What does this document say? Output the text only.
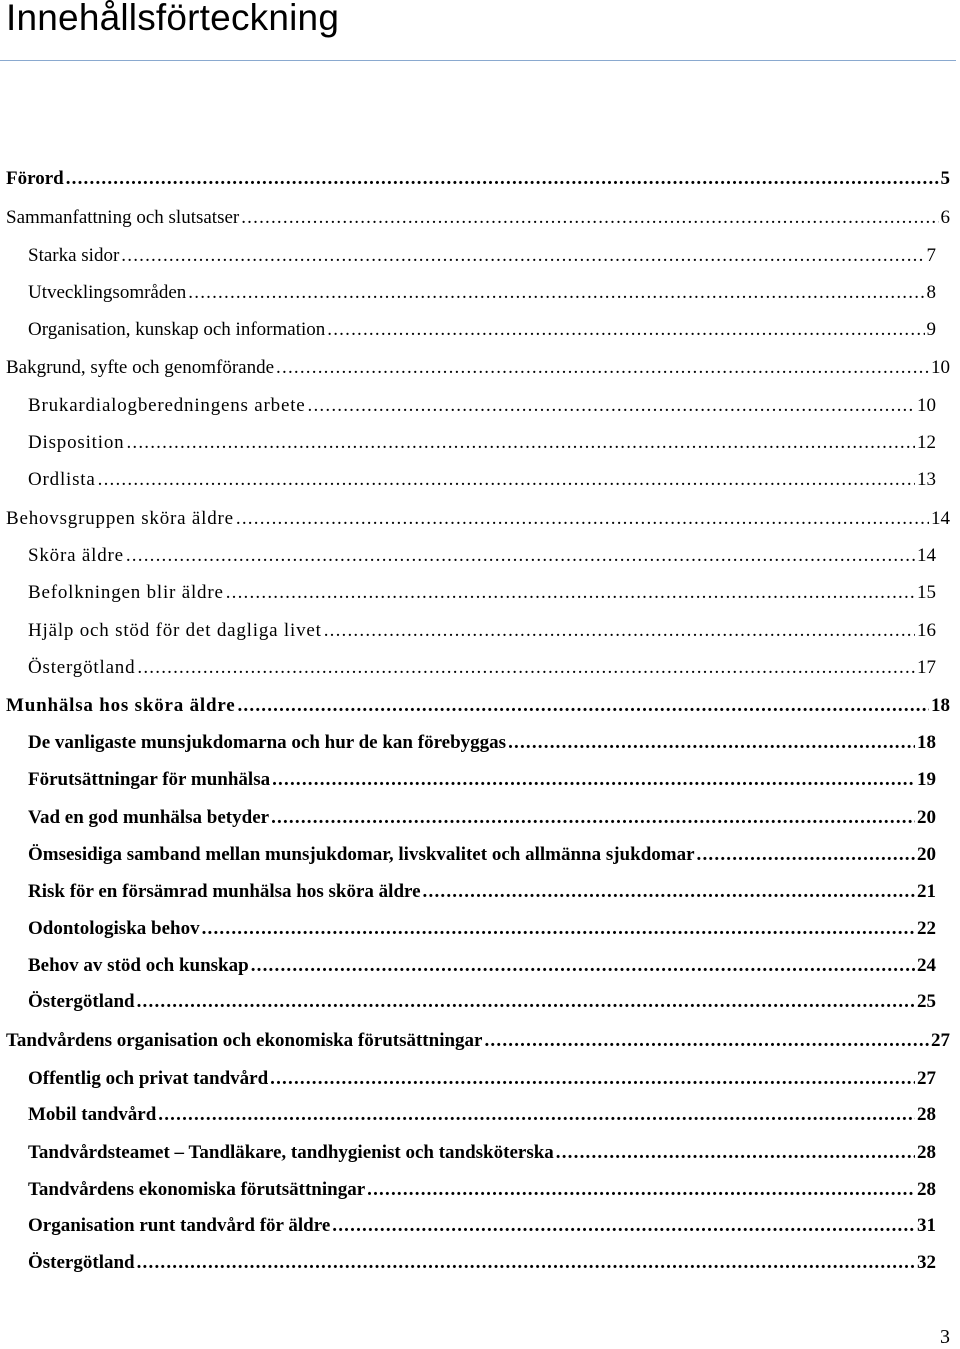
Innehållsförteckning
Förord .....	5
Sammanfattning och slutsatser .....	6
Starka sidor .....	7
Utvecklingsområden .....	8
Organisation, kunskap och information .....	9
Bakgrund, syfte och genomförande .....	10
Brukardialogberedningens arbete .....	10
Disposition .....	12
Ordlista .....	13
Behovsgruppen sköra äldre .....	14
Sköra äldre .....	14
Befolkningen blir äldre .....	15
Hjälp och stöd för det dagliga livet .....	16
Östergötland .....	17
Munhälsa hos sköra äldre .....	18
De vanligaste munsjukdomarna och hur de kan förebyggas .....	18
Förutsättningar för munhälsa .....	19
Vad en god munhälsa betyder .....	20
Ömsesidiga samband mellan munsjukdomar, livskvalitet och allmänna sjukdomar .....	20
Risk för en försämrad munhälsa hos sköra äldre .....	21
Odontologiska behov .....	22
Behov av stöd och kunskap .....	24
Östergötland .....	25
Tandvårdens organisation och ekonomiska förutsättningar .....	27
Offentlig och privat tandvård .....	27
Mobil tandvård .....	28
Tandvårdsteamet – Tandläkare, tandhygienist och tandsköterska .....	28
Tandvårdens ekonomiska förutsättningar .....	28
Organisation runt tandvård för äldre .....	31
Östergötland .....	32
3
